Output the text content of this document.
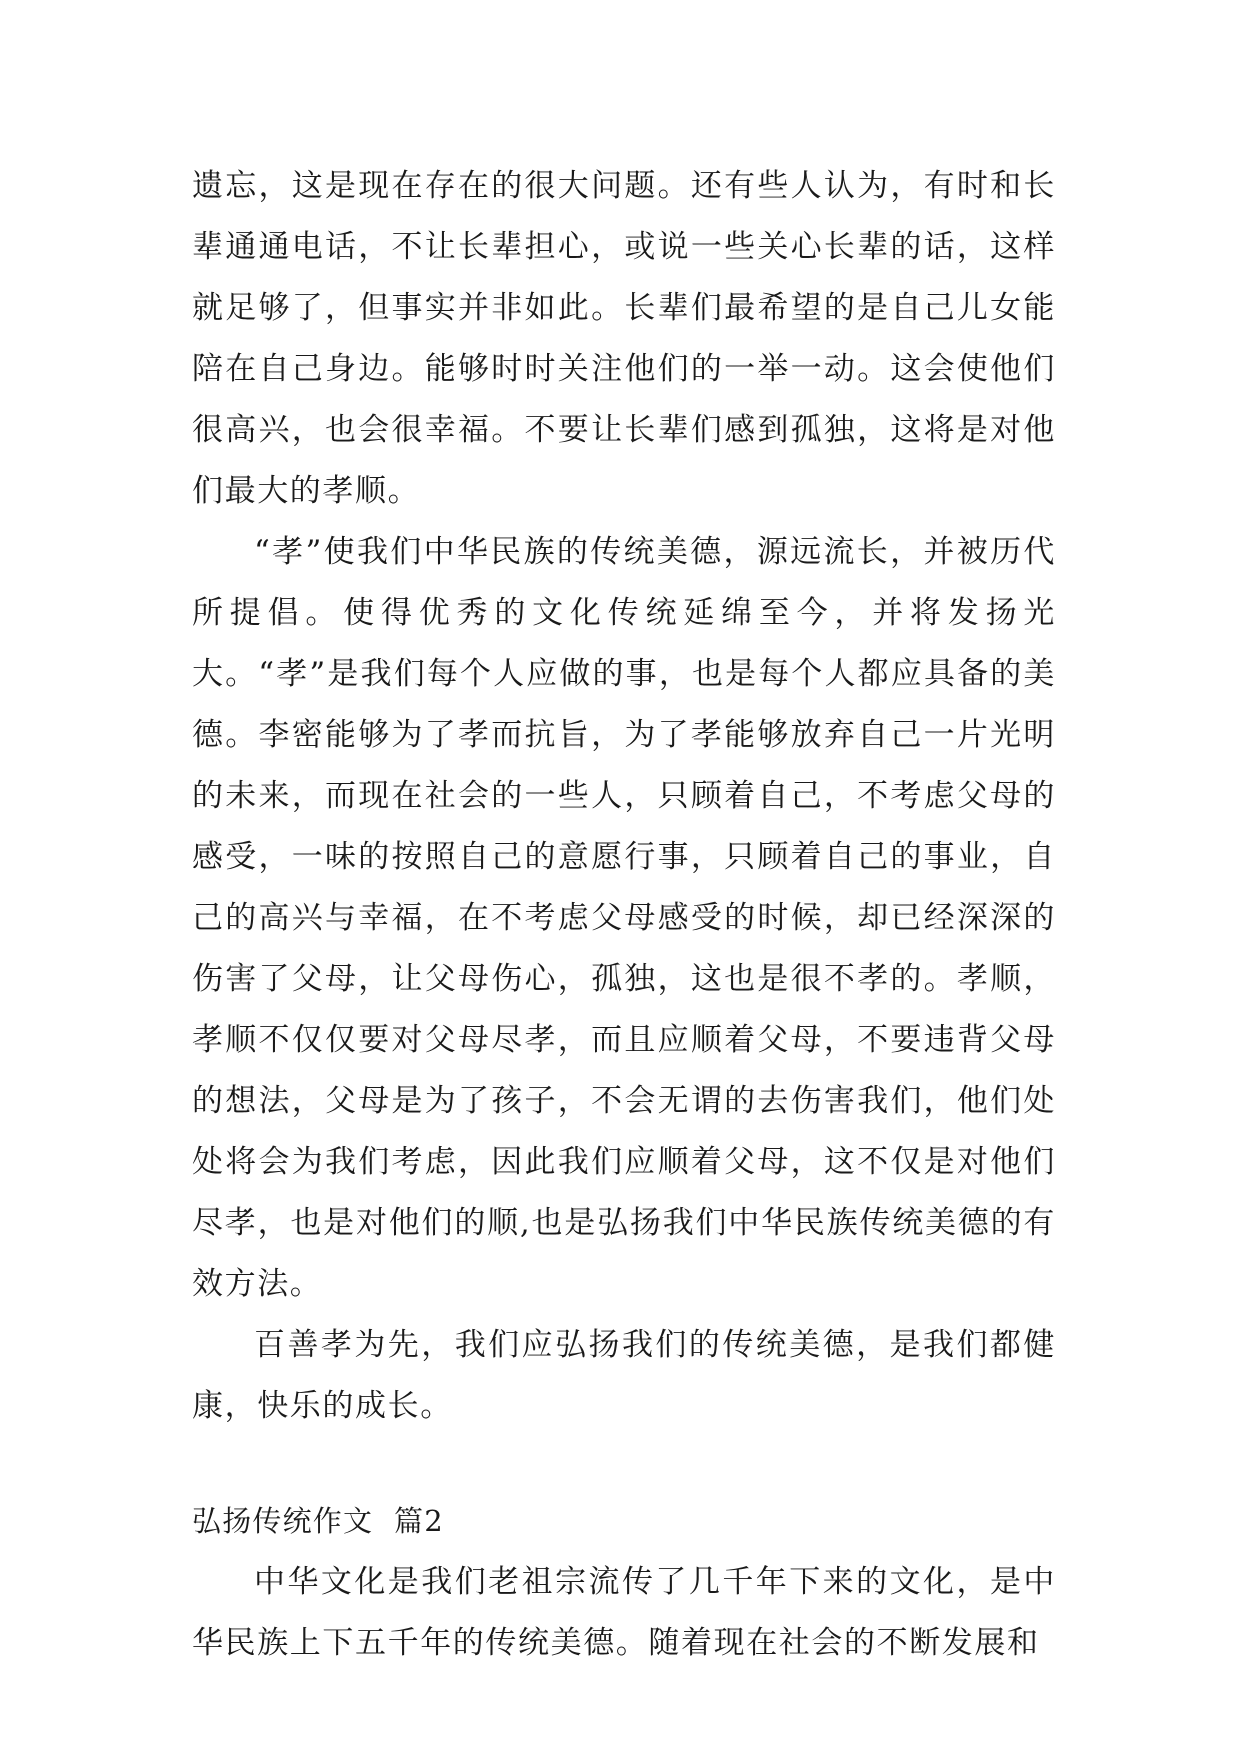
遗忘，这是现在存在的很大问题。还有些人认为，有时和长辈通通电话，不让长辈担心，或说一些关心长辈的话，这样就足够了，但事实并非如此。长辈们最希望的是自己儿女能陪在自己身边。能够时时关注他们的一举一动。这会使他们很高兴，也会很幸福。不要让长辈们感到孤独，这将是对他们最大的孝顺。

“孝”使我们中华民族的传统美德，源远流长，并被历代所提倡。使得优秀的文化传统延绵至今，并将发扬光大。“孝”是我们每个人应做的事，也是每个人都应具备的美德。李密能够为了孝而抗旨，为了孝能够放弃自己一片光明的未来，而现在社会的一些人，只顾着自己，不考虑父母的感受，一味的按照自己的意愿行事，只顾着自己的事业，自己的高兴与幸福，在不考虑父母感受的时候，却已经深深的伤害了父母，让父母伤心，孤独，这也是很不孝的。孝顺，孝顺不仅仅要对父母尽孝，而且应顺着父母，不要违背父母的想法，父母是为了孩子，不会无谓的去伤害我们，他们处处将会为我们考虑，因此我们应顺着父母，这不仅是对他们尽孝，也是对他们的顺,也是弘扬我们中华民族传统美德的有效方法。

百善孝为先，我们应弘扬我们的传统美德，是我们都健康，快乐的成长。

弘扬传统作文  篇2

中华文化是我们老祖宗流传了几千年下来的文化，是中华民族上下五千年的传统美德。随着现在社会的不断发展和
